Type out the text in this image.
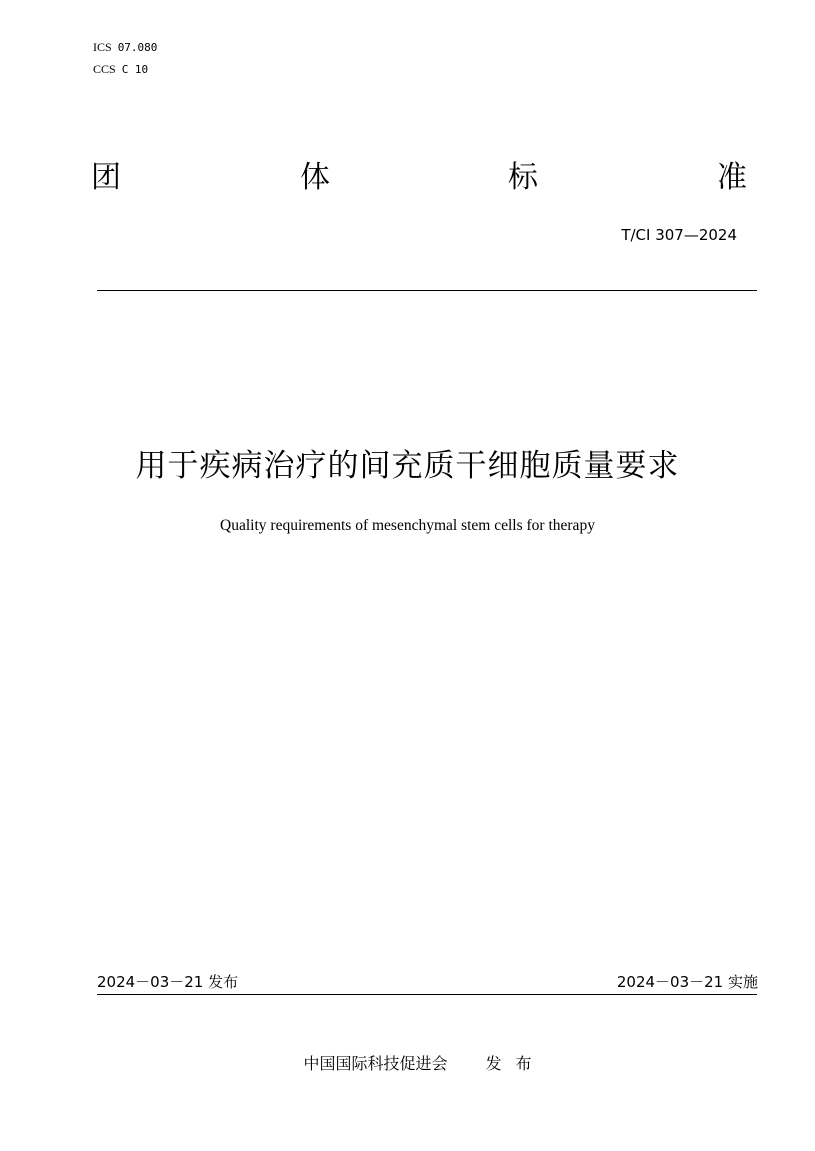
ICS 07.080
CCS C 10
团	体	标	准
T/CI 307—2024
用于疾病治疗的间充质干细胞质量要求
Quality requirements of mesenchymal stem cells for therapy
2024－03－21 发布	2024－03－21 实施
中国国际科技促进会 发 布
